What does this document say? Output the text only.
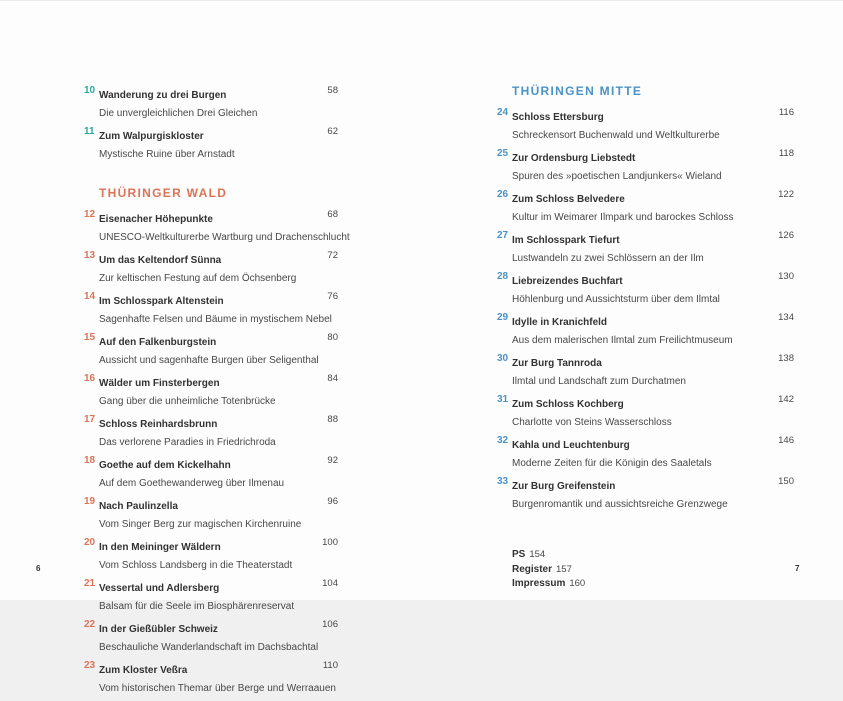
10 Wanderung zu drei Burgen
Die unvergleichlichen Drei Gleichen
58
11 Zum Walpurgiskloster
Mystische Ruine über Arnstadt
62
THÜRINGER WALD
12 Eisenacher Höhepunkte
UNESCO-Weltkulturerbe Wartburg und Drachenschlucht
68
13 Um das Keltendorf Sünna
Zur keltischen Festung auf dem Öchsenberg
72
14 Im Schlosspark Altenstein
Sagenhafte Felsen und Bäume in mystischem Nebel
76
15 Auf den Falkenburgstein
Aussicht und sagenhafte Burgen über Seligenthal
80
16 Wälder um Finsterbergen
Gang über die unheimliche Totenbrücke
84
17 Schloss Reinhardsbrunn
Das verlorene Paradies in Friedrichroda
88
18 Goethe auf dem Kickelhahn
Auf dem Goethewanderweg über Ilmenau
92
19 Nach Paulinzella
Vom Singer Berg zur magischen Kirchenruine
96
20 In den Meininger Wäldern
Vom Schloss Landsberg in die Theaterstadt
100
21 Vessertal und Adlersberg
Balsam für die Seele im Biosphärenreservat
104
22 In der Gießübler Schweiz
Beschauliche Wanderlandschaft im Dachsbachtal
106
23 Zum Kloster Veßra
Vom historischen Themar über Berge und Werraauen
110
THÜRINGEN MITTE
24 Schloss Ettersburg
Schreckensort Buchenwald und Weltkulturerbe
116
25 Zur Ordensburg Liebstedt
Spuren des »poetischen Landjunkers« Wieland
118
26 Zum Schloss Belvedere
Kultur im Weimarer Ilmpark und barockes Schloss
122
27 Im Schlosspark Tiefurt
Lustwandeln zu zwei Schlössern an der Ilm
126
28 Liebreizendes Buchfart
Höhlenburg und Aussichtsturm über dem Ilmtal
130
29 Idylle in Kranichfeld
Aus dem malerischen Ilmtal zum Freilichtmuseum
134
30 Zur Burg Tannroda
Ilmtal und Landschaft zum Durchatmen
138
31 Zum Schloss Kochberg
Charlotte von Steins Wasserschloss
142
32 Kahla und Leuchtenburg
Moderne Zeiten für die Königin des Saaletals
146
33 Zur Burg Greifenstein
Burgenromantik und aussichtsreiche Grenzwege
150
PS 154
Register 157
Impressum 160
6	7
